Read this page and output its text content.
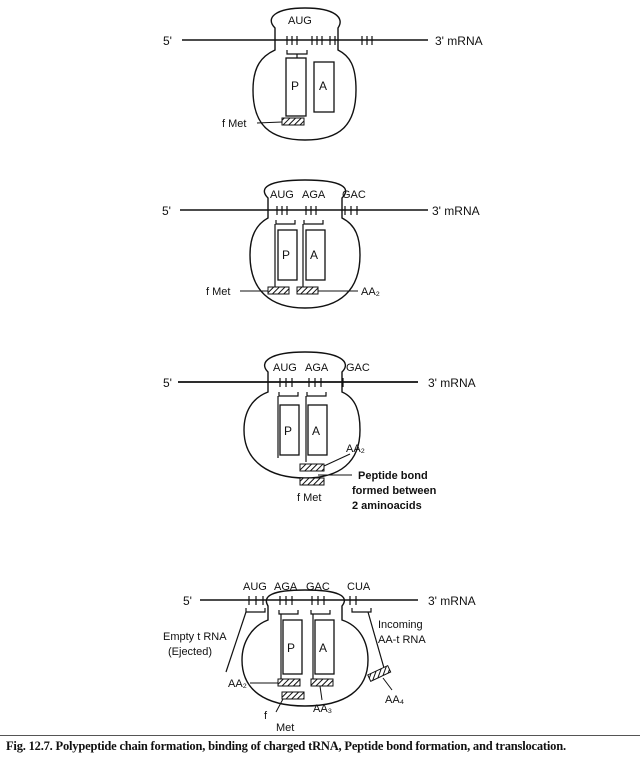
5'	3' mRNA
AUG
P A
f Met
5'	3' mRNA
AUG AGA GAC
P A
f Met	AA₂
5'	3' mRNA
AUG AGA GAC
P A
AA₂
Peptide bond
formed between
2 aminoacids
f Met
5'	3' mRNA
AUG AGA GAC CUA
Empty t RNA
(Ejected)	P A
Incoming
AA-t RNA
AA₄
AA₂
AA₃
f
Met
Fig. 12.7. Polypeptide chain formation, binding of charged tRNA, Peptide bond formation, and translocation.
